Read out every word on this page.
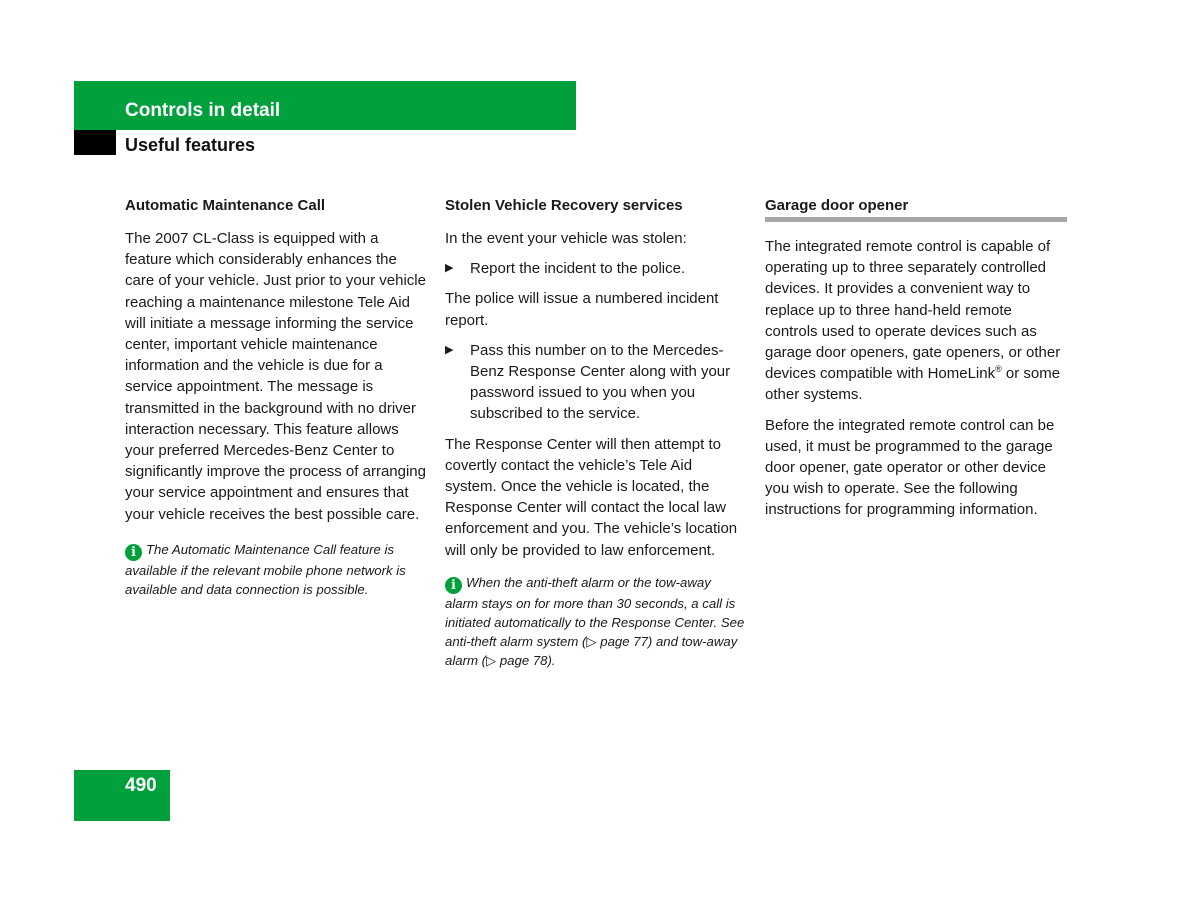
Controls in detail
Useful features
Automatic Maintenance Call

The 2007 CL-Class is equipped with a feature which considerably enhances the care of your vehicle. Just prior to your vehicle reaching a maintenance milestone Tele Aid will initiate a message informing the service center, important vehicle maintenance information and the vehicle is due for a service appointment. The message is transmitted in the background with no driver interaction necessary. This feature allows your preferred Mercedes-Benz Center to significantly improve the process of arranging your service appointment and ensures that your vehicle receives the best possible care.

i The Automatic Maintenance Call feature is available if the relevant mobile phone network is available and data connection is possible.
Stolen Vehicle Recovery services

In the event your vehicle was stolen:

▶	Report the incident to the police.

The police will issue a numbered incident report.

▶	Pass this number on to the Mercedes-Benz Response Center along with your password issued to you when you subscribed to the service.

The Response Center will then attempt to covertly contact the vehicle’s Tele Aid system. Once the vehicle is located, the Response Center will contact the local law enforcement and you. The vehicle’s location will only be provided to law enforcement.

i When the anti-theft alarm or the tow-away alarm stays on for more than 30 seconds, a call is initiated automatically to the Response Center. See anti-theft alarm system (▷ page 77) and tow-away alarm (▷ page 78).
Garage door opener

The integrated remote control is capable of operating up to three separately controlled devices. It provides a convenient way to replace up to three hand-held remote controls used to operate devices such as garage door openers, gate openers, or other devices compatible with HomeLink® or some other systems.

Before the integrated remote control can be used, it must be programmed to the garage door opener, gate operator or other device you wish to operate. See the following instructions for programming information.

490
